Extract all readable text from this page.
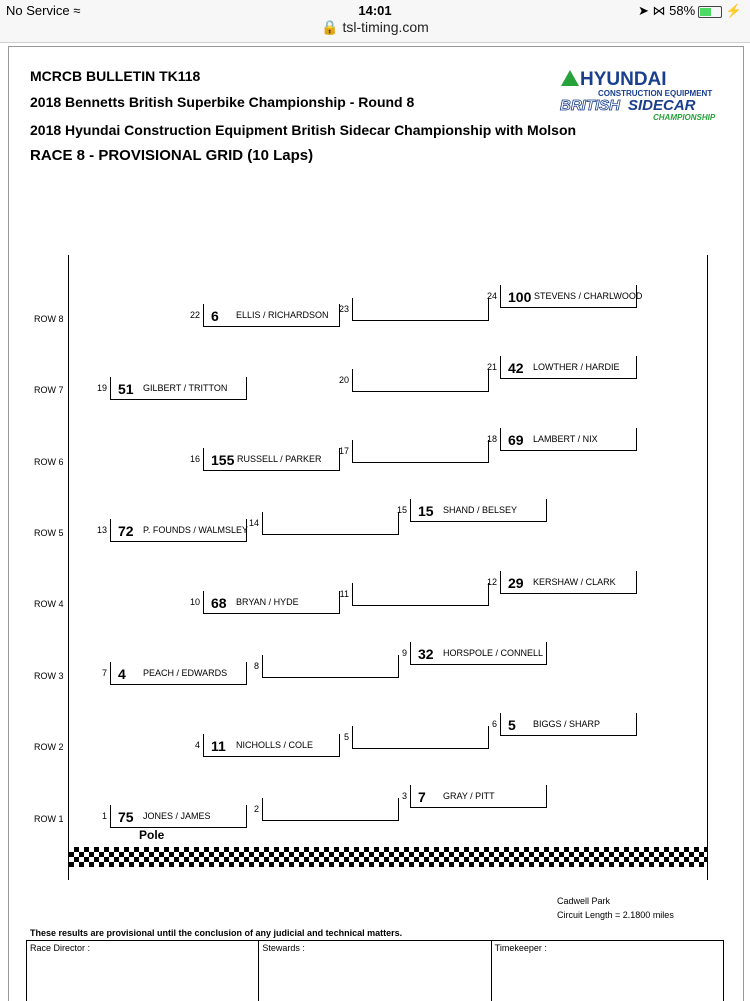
No Service ≈	14:01
🔒 tsl-timing.com
➤ ⋈ 58% ⚡
MCRCB BULLETIN TK118
2018 Bennetts British Superbike Championship - Round 8
2018 Hyundai Construction Equipment British Sidecar Championship with Molson
RACE 8 - PROVISIONAL GRID (10 Laps)
HYUNDAI
CONSTRUCTION EQUIPMENT
BRITISH SIDECAR
CHAMPIONSHIP
ROW 8
ROW 7
ROW 6
ROW 5
ROW 4
ROW 3
ROW 2
ROW 1
24 100 STEVENS / CHARLWOOD
23
22 6 ELLIS / RICHARDSON
21 42 LOWTHER / HARDIE
20
19 51 GILBERT / TRITTON
18 69 LAMBERT / NIX
17
16 155 RUSSELL / PARKER
15 15 SHAND / BELSEY
14
13 72 P. FOUNDS / WALMSLEY
12 29 KERSHAW / CLARK
11
10 68 BRYAN / HYDE
9 32 HORSPOLE / CONNELL
8
7 4 PEACH / EDWARDS
6 5 BIGGS / SHARP
5
4 11 NICHOLLS / COLE
3 7 GRAY / PITT
2
1 75 JONES / JAMES
Pole
Cadwell Park
Circuit Length = 2.1800 miles
These results are provisional until the conclusion of any judicial and technical matters.
Race Director :	Stewards :	Timekeeper :
